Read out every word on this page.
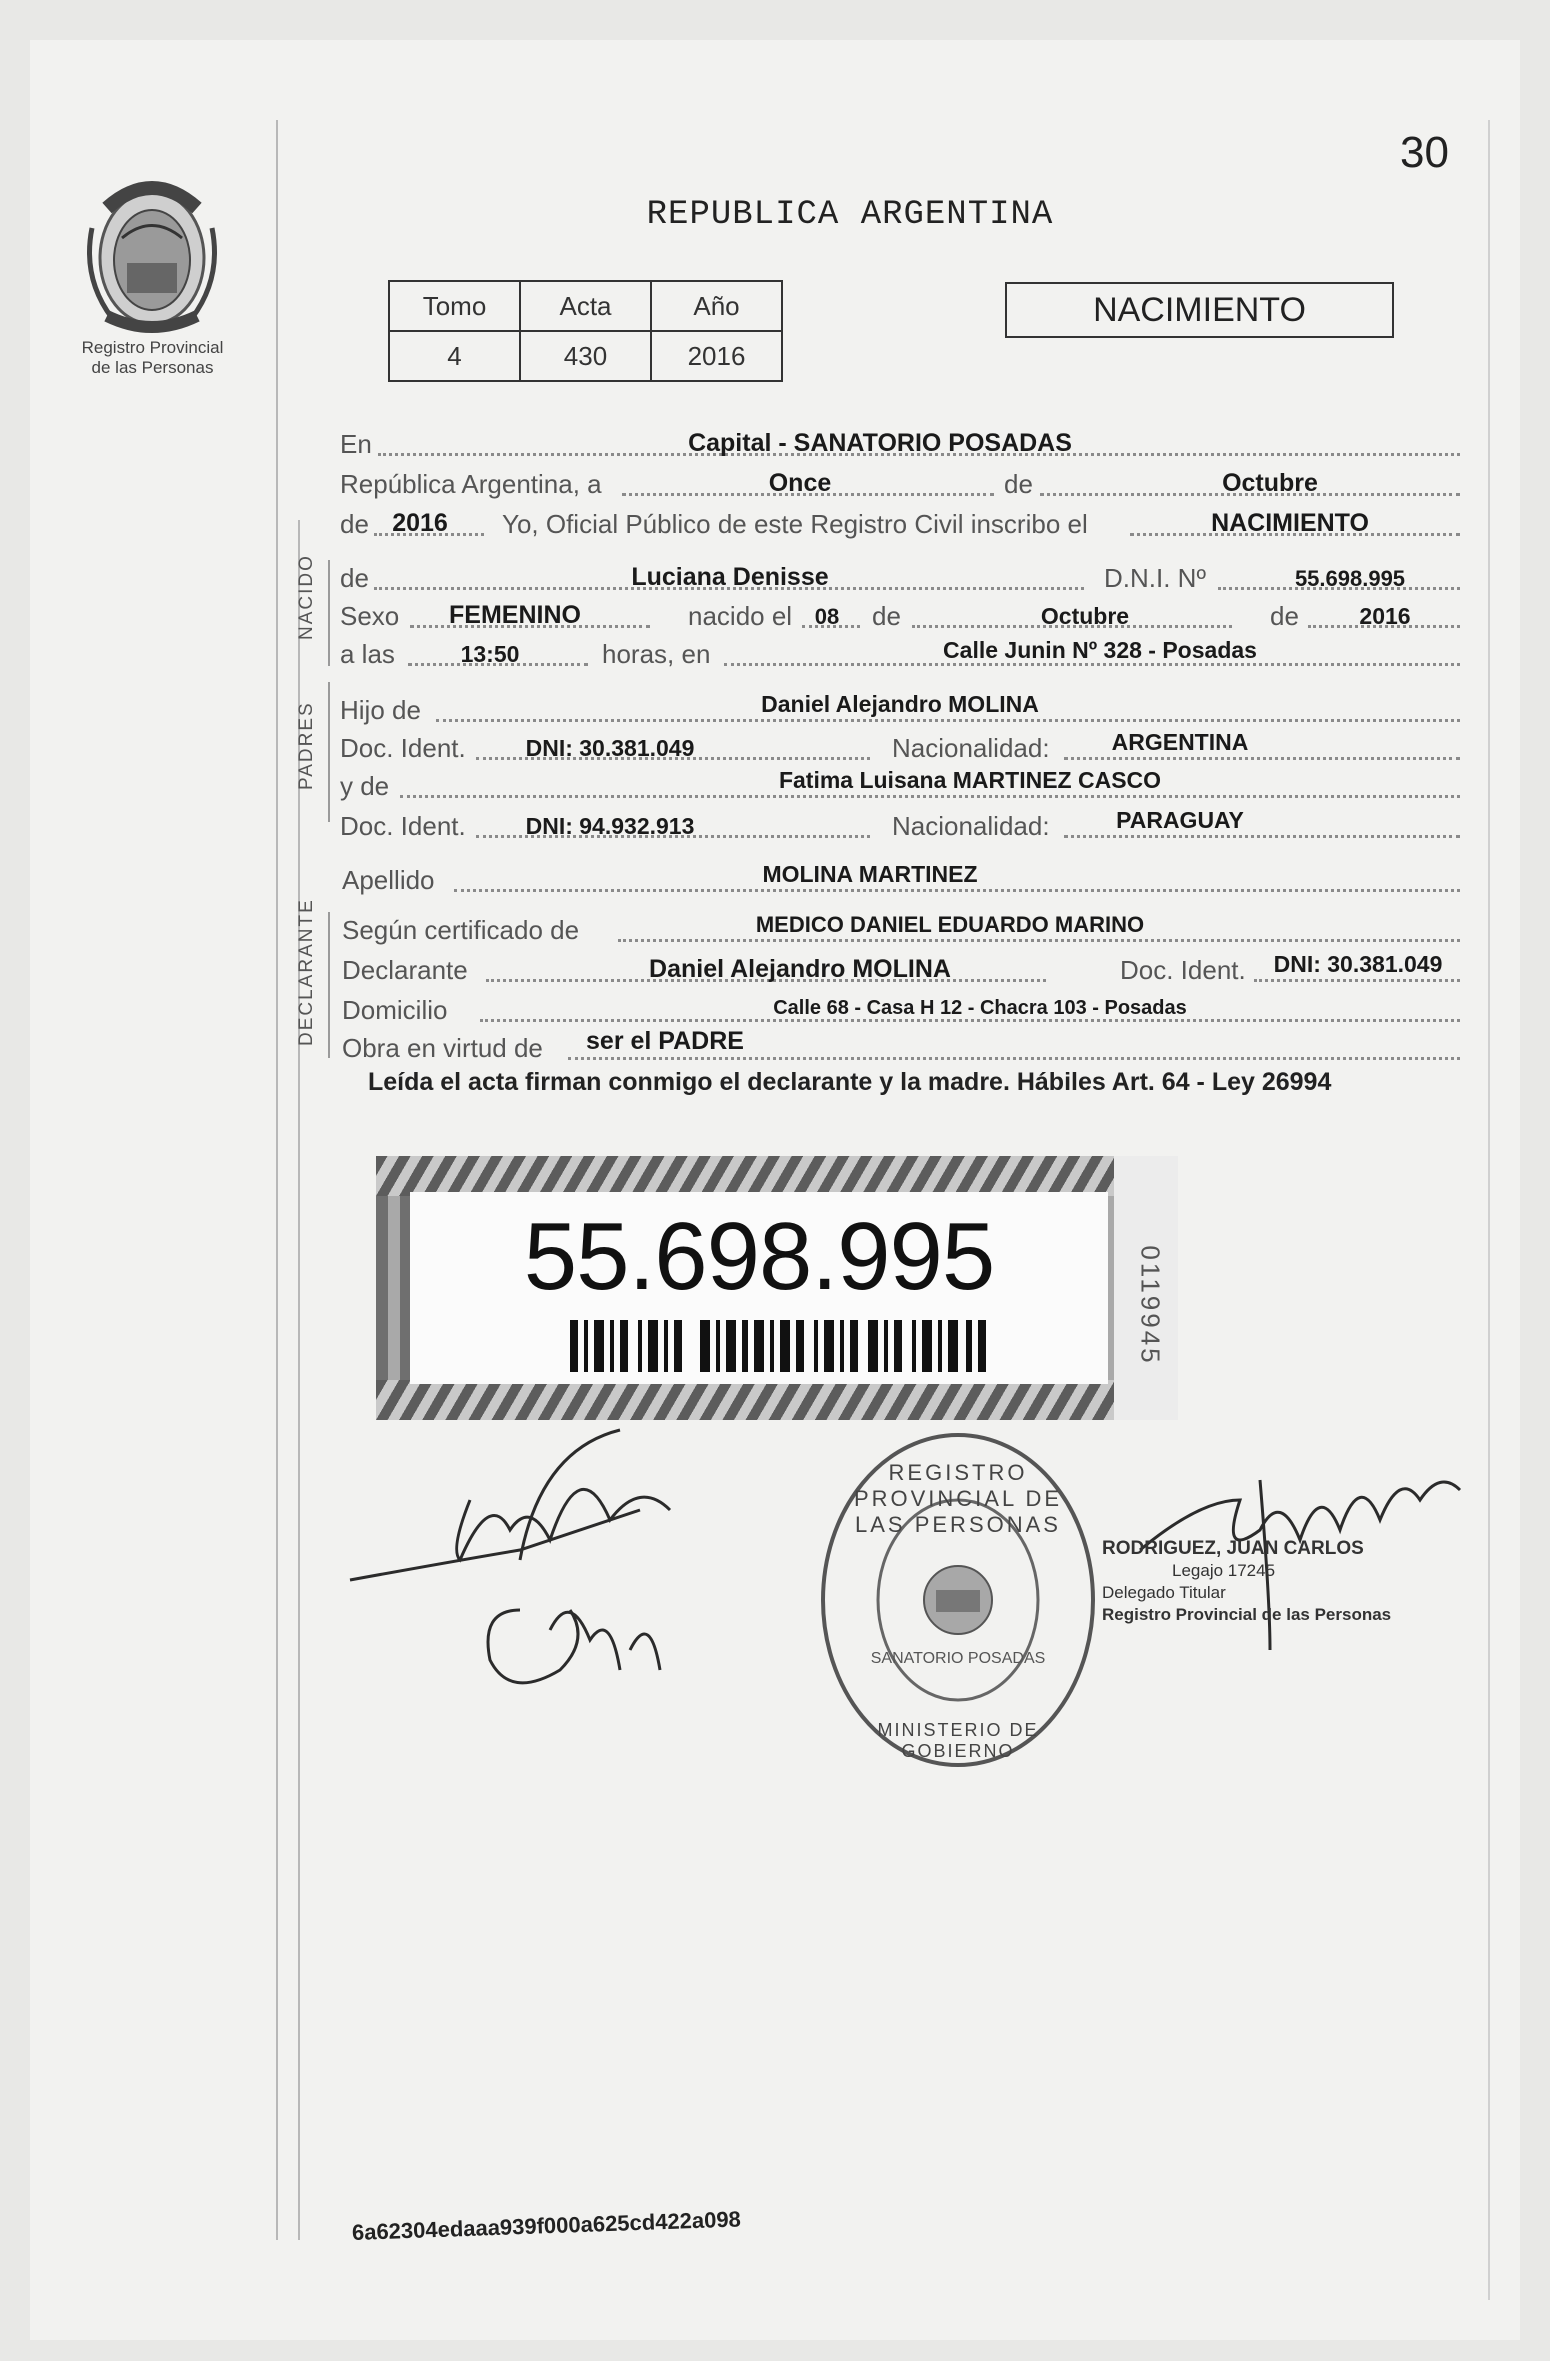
Registro Provincial
de las Personas
30
REPUBLICA ARGENTINA
Tomo	Acta	Año
4	430	2016
NACIMIENTO
NACIDO
PADRES
DECLARANTE
En	Capital - SANATORIO POSADAS
República Argentina, a	Once	de	Octubre
de 2016	Yo, Oficial Público de este Registro Civil inscribo el	NACIMIENTO
de	Luciana Denisse	D.N.I. Nº	55.698.995
Sexo	FEMENINO	nacido el	08	de	Octubre	de	2016
a las	13:50	horas, en	Calle Junin Nº 328 - Posadas
Hijo de	Daniel Alejandro MOLINA
Doc. Ident.	DNI: 30.381.049	Nacionalidad:	ARGENTINA
y de	Fatima Luisana MARTINEZ CASCO
Doc. Ident.	DNI: 94.932.913	Nacionalidad:	PARAGUAY
Apellido	MOLINA MARTINEZ
Según certificado de	MEDICO DANIEL EDUARDO MARINO
Declarante	Daniel Alejandro MOLINA	Doc. Ident.	DNI: 30.381.049
Domicilio	Calle 68 - Casa H 12 - Chacra 103 - Posadas
Obra en virtud de ser el PADRE
Leída el acta firman conmigo el declarante y la madre. Hábiles Art. 64 - Ley 26994
55.698.995	0119945
REGISTRO PROVINCIAL DE LAS PERSONAS
SANATORIO POSADAS
MINISTERIO DE GOBIERNO
RODRIGUEZ, JUAN CARLOS
Legajo 17245
Delegado Titular
Registro Provincial de las Personas
6a62304edaaa939f000a625cd422a098
